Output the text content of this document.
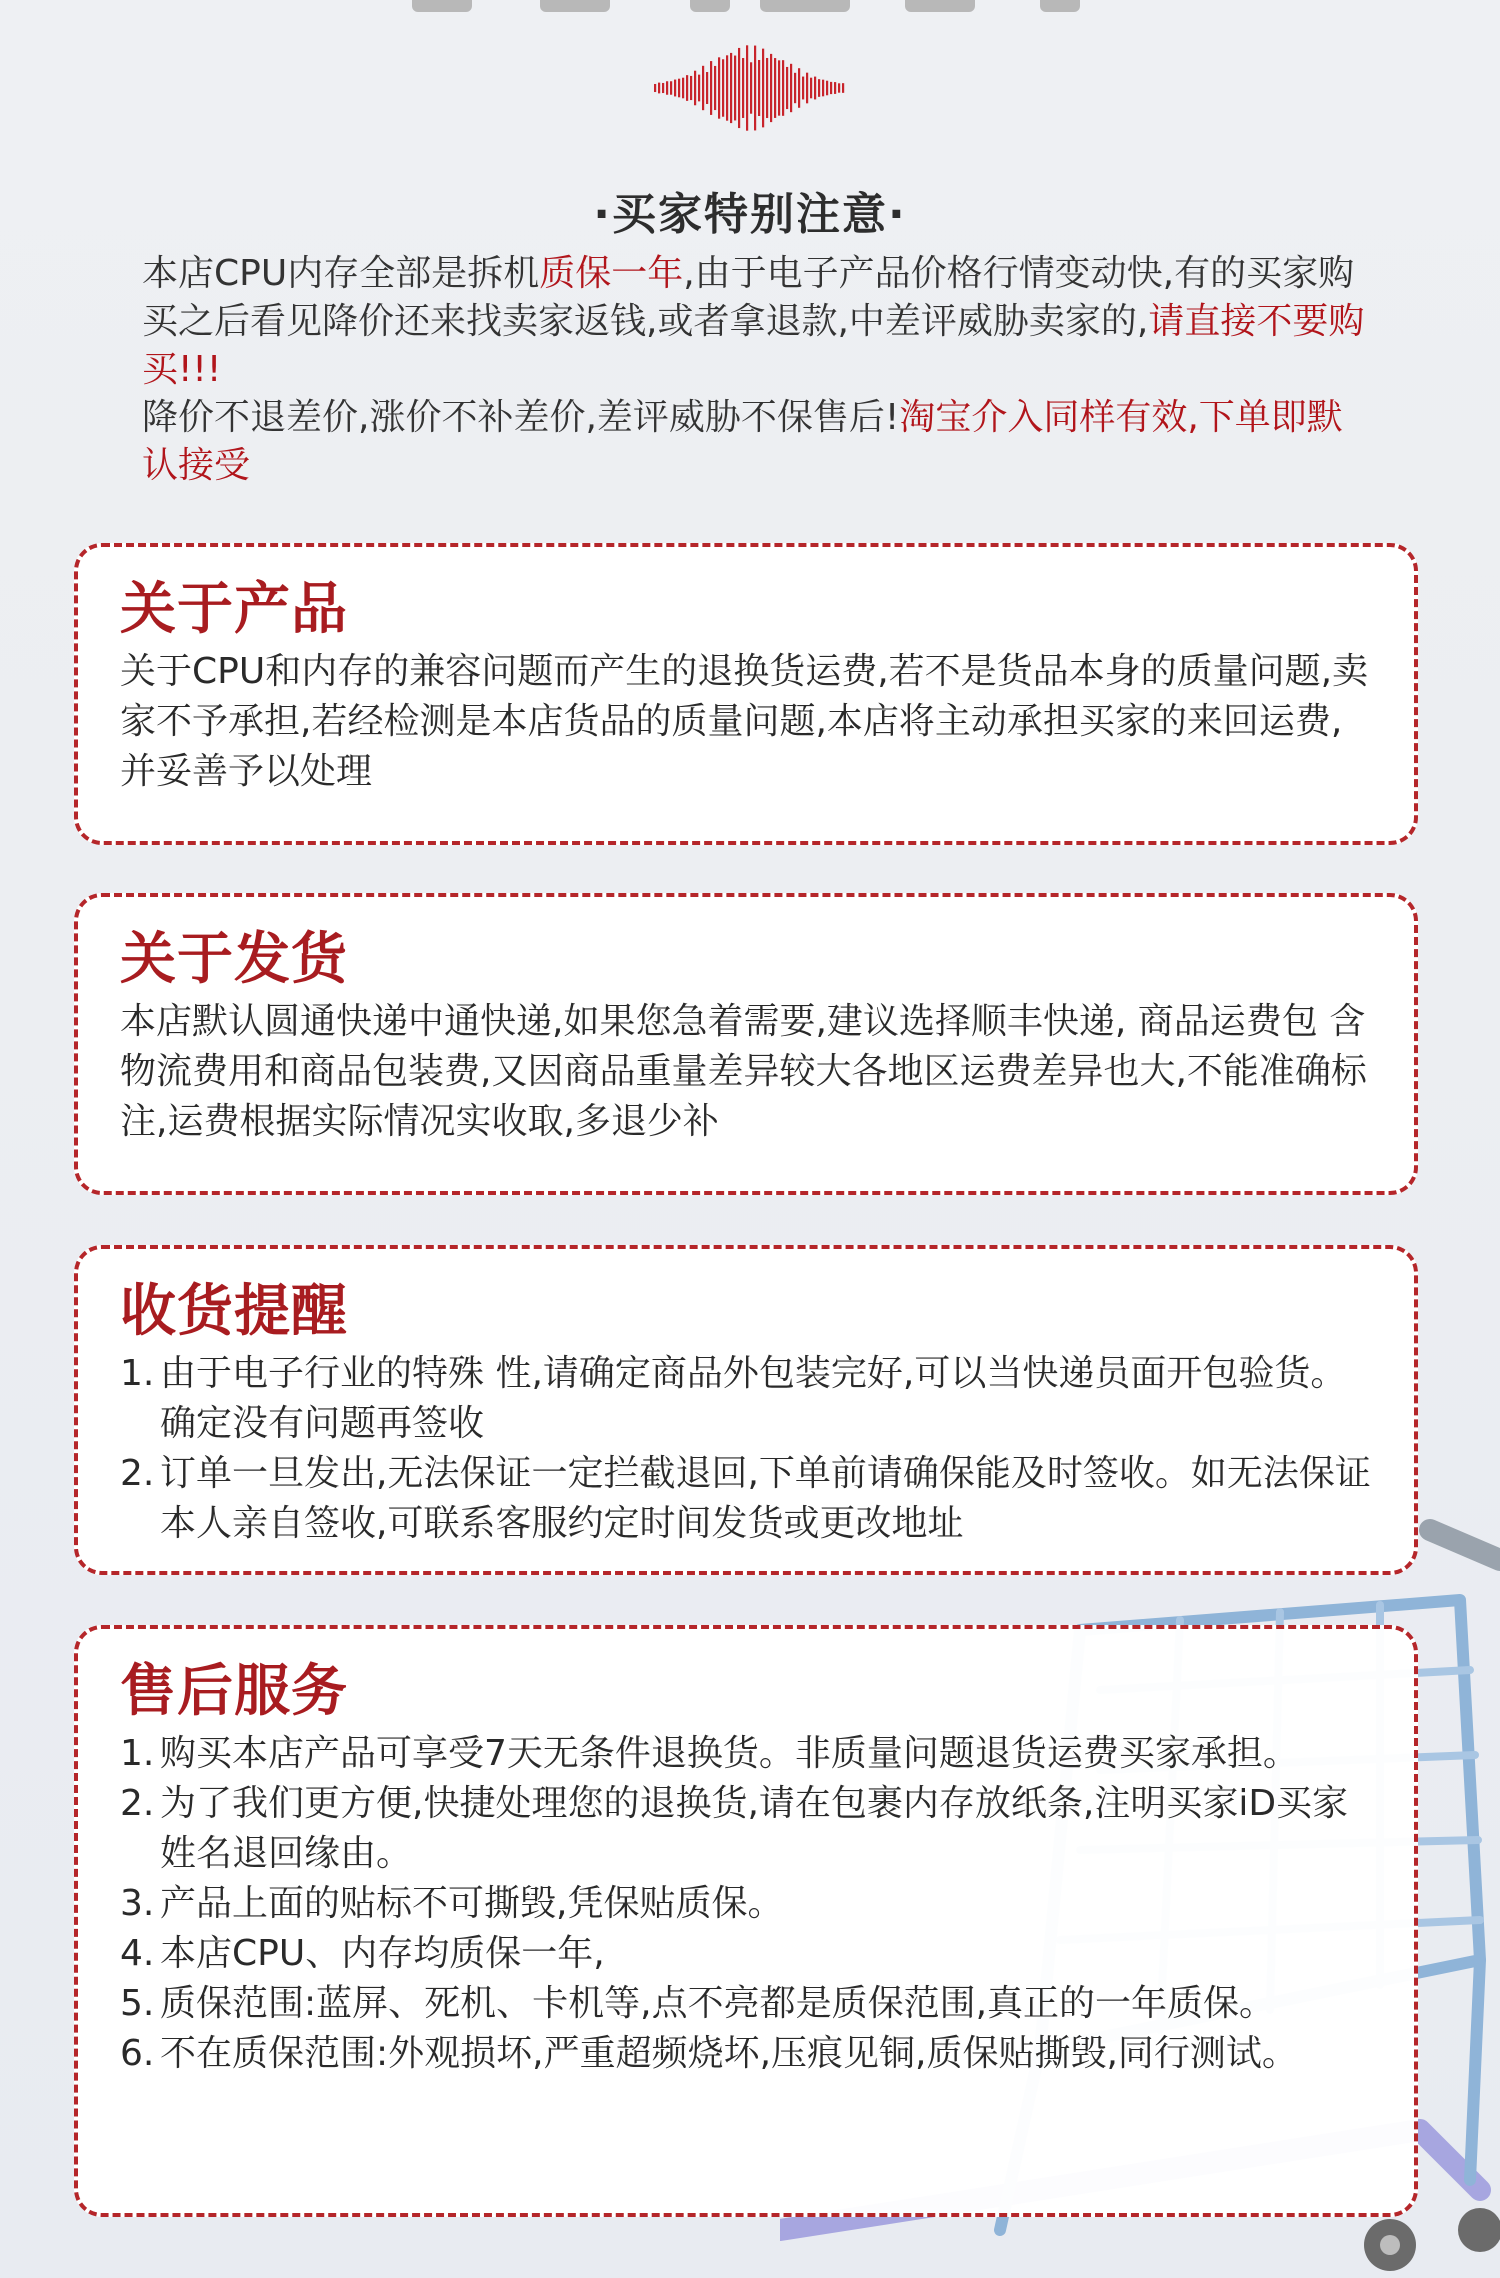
·买家特别注意·

本店CPU内存全部是拆机质保一年,由于电子产品价格行情变动快,有的买家购买之后看见降价还来找卖家返钱,或者拿退款,中差评威胁卖家的,请直接不要购买!!!

降价不退差价,涨价不补差价,差评威胁不保售后!淘宝介入同样有效,下单即默认接受

关于产品

关于CPU和内存的兼容问题而产生的退换货运费,若不是货品本身的质量问题,卖家不予承担,若经检测是本店货品的质量问题,本店将主动承担买家的来回运费,并妥善予以处理

关于发货

本店默认圆通快递中通快递,如果您急着需要,建议选择顺丰快递, 商品运费包 含物流费用和商品包装费,又因商品重量差异较大各地区运费差异也大,不能准确标注,运费根据实际情况实收取,多退少补

收货提醒
1. 由于电子行业的特殊 性,请确定商品外包装完好,可以当快递员面开包验货。确定没有问题再签收
2. 订单一旦发出,无法保证一定拦截退回,下单前请确保能及时签收。如无法保证本人亲自签收,可联系客服约定时间发货或更改地址
售后服务
1. 购买本店产品可享受7天无条件退换货。非质量问题退货运费买家承担。
2. 为了我们更方便,快捷处理您的退换货,请在包裹内存放纸条,注明买家iD买家姓名退回缘由。
3. 产品上面的贴标不可撕毁,凭保贴质保。
4. 本店CPU、内存均质保一年,
5. 质保范围:蓝屏、死机、卡机等,点不亮都是质保范围,真正的一年质保。
6. 不在质保范围:外观损坏,严重超频烧坏,压痕见铜,质保贴撕毁,同行测试。
